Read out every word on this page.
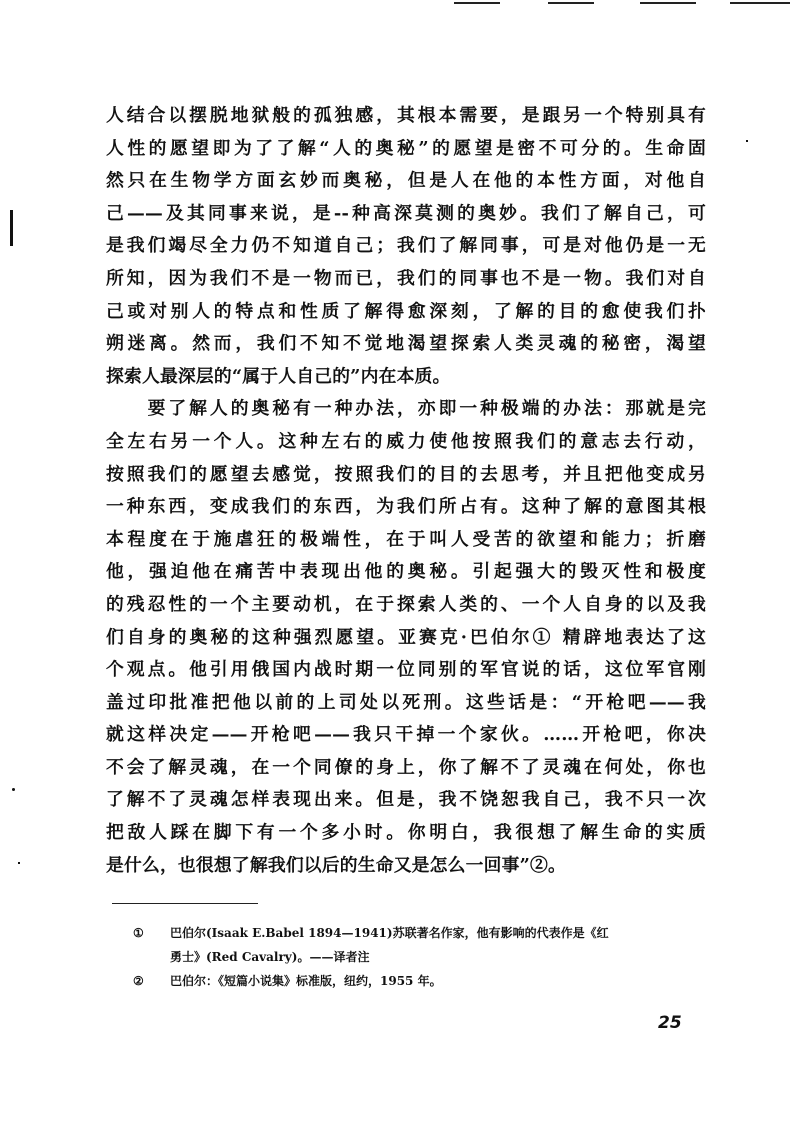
人结合以摆脱地狱般的孤独感，其根本需要，是跟另一个特别具有
人性的愿望即为了了解“人的奥秘”的愿望是密不可分的。生命固
然只在生物学方面玄妙而奥秘，但是人在他的本性方面，对他自
己——及其同事来说，是--种高深莫测的奥妙。我们了解自己，可
是我们竭尽全力仍不知道自己；我们了解同事，可是对他仍是一无
所知，因为我们不是一物而已，我们的同事也不是一物。我们对自
己或对别人的特点和性质了解得愈深刻，了解的目的愈使我们扑
朔迷离。然而，我们不知不觉地渴望探索人类灵魂的秘密，渴望
探索人最深层的“属于人自己的”内在本质。
　　要了解人的奥秘有一种办法，亦即一种极端的办法：那就是完
全左右另一个人。这种左右的威力使他按照我们的意志去行动，
按照我们的愿望去感觉，按照我们的目的去思考，并且把他变成另
一种东西，变成我们的东西，为我们所占有。这种了解的意图其根
本程度在于施虐狂的极端性，在于叫人受苦的欲望和能力；折磨
他，强迫他在痛苦中表现出他的奥秘。引起强大的毁灭性和极度
的残忍性的一个主要动机，在于探索人类的、一个人自身的以及我
们自身的奥秘的这种强烈愿望。亚赛克·巴伯尔① 精辟地表达了这
个观点。他引用俄国内战时期一位同别的军官说的话，这位军官刚
盖过印批准把他以前的上司处以死刑。这些话是：“开枪吧——我
就这样决定——开枪吧——我只干掉一个家伙。……开枪吧，你决
不会了解灵魂，在一个同僚的身上，你了解不了灵魂在何处，你也
了解不了灵魂怎样表现出来。但是，我不饶恕我自己，我不只一次
把敌人踩在脚下有一个多小时。你明白，我很想了解生命的实质
是什么，也很想了解我们以后的生命又是怎么一回事”②。
① 巴伯尔(Isaak E.Babel 1894—1941)苏联著名作家，他有影响的代表作是《红
勇士》(Red Cavalry)。——译者注
② 巴伯尔：《短篇小说集》标准版，纽约，1955 年。
25
